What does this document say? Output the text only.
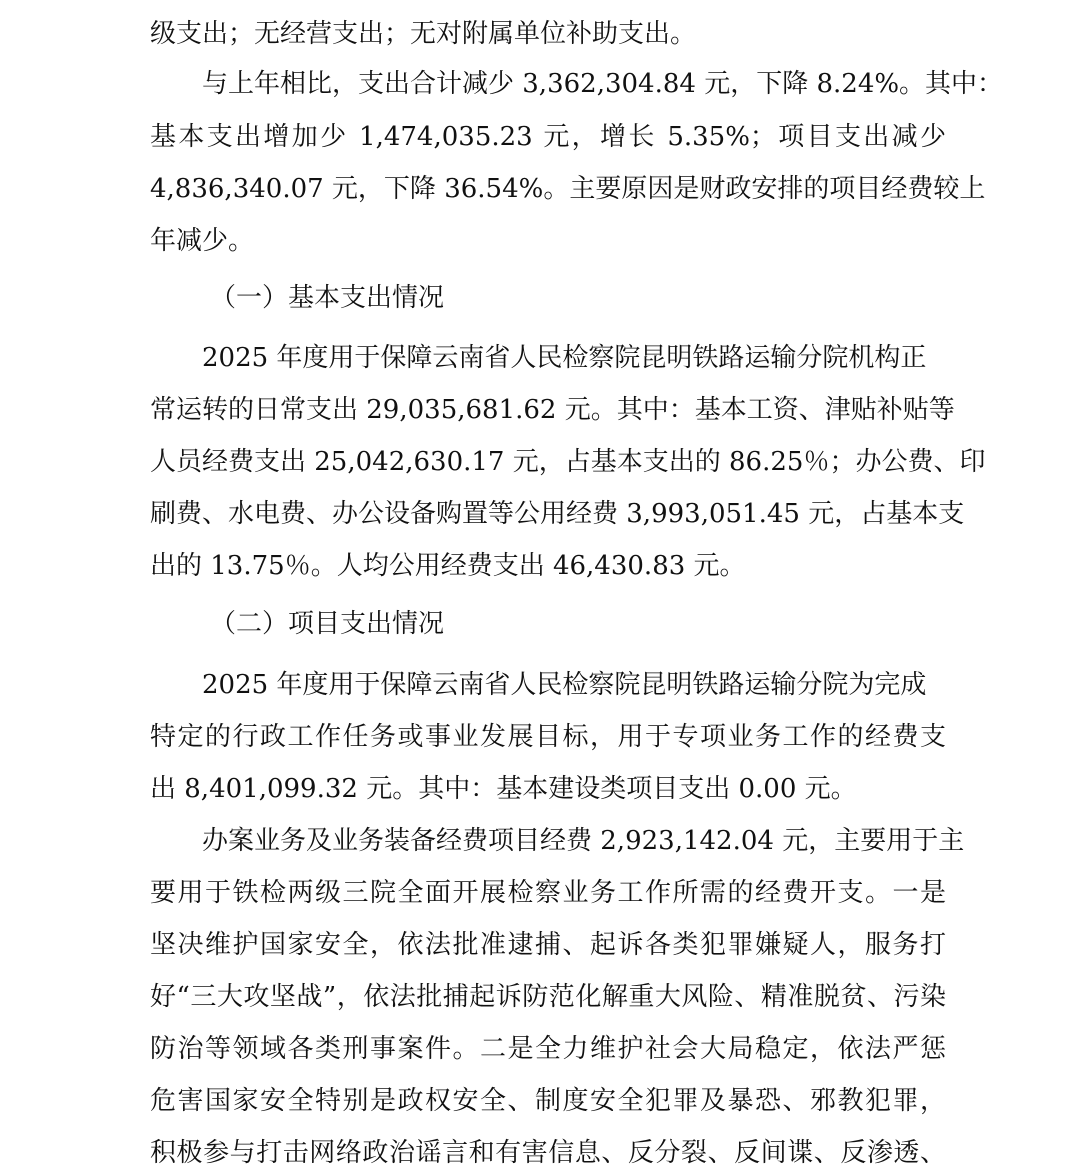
级支出；无经营支出；无对附属单位补助支出。
与上年相比，支出合计减少 3,362,304.84 元，下降 8.24%。其中：
基本支出增加少 1,474,035.23 元，增长 5.35%；项目支出减少
4,836,340.07 元，下降 36.54%。主要原因是财政安排的项目经费较上
年减少。
（一）基本支出情况
2025 年度用于保障云南省人民检察院昆明铁路运输分院机构正
常运转的日常支出 29,035,681.62 元。其中：基本工资、津贴补贴等
人员经费支出 25,042,630.17 元，占基本支出的 86.25％；办公费、印
刷费、水电费、办公设备购置等公用经费 3,993,051.45 元，占基本支
出的 13.75％。人均公用经费支出 46,430.83 元。
（二）项目支出情况
2025 年度用于保障云南省人民检察院昆明铁路运输分院为完成
特定的行政工作任务或事业发展目标，用于专项业务工作的经费支
出 8,401,099.32 元。其中：基本建设类项目支出 0.00 元。
办案业务及业务装备经费项目经费 2,923,142.04 元，主要用于主
要用于铁检两级三院全面开展检察业务工作所需的经费开支。一是
坚决维护国家安全，依法批准逮捕、起诉各类犯罪嫌疑人，服务打
好“三大攻坚战”，依法批捕起诉防范化解重大风险、精准脱贫、污染
防治等领域各类刑事案件。二是全力维护社会大局稳定，依法严惩
危害国家安全特别是政权安全、制度安全犯罪及暴恐、邪教犯罪，
积极参与打击网络政治谣言和有害信息、反分裂、反间谍、反渗透、
